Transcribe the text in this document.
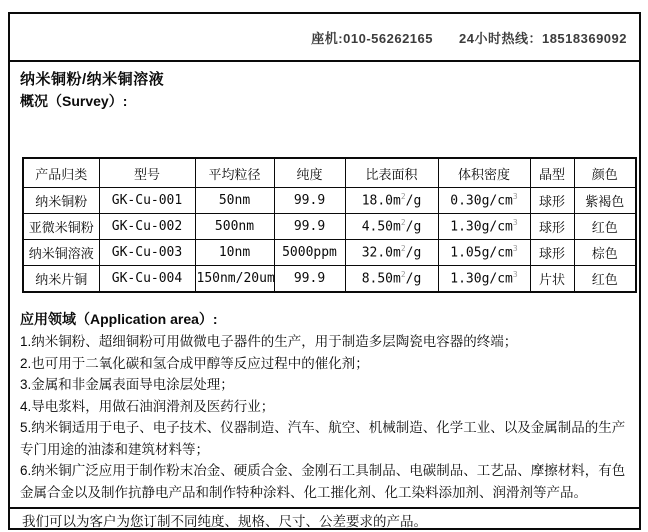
座机:010-56262165 24小时热线：18518369092
纳米铜粉/纳米铜溶液
概况（Survey）:
产品归类	型号	平均粒径	纯度	比表面积	体积密度	晶型	颜色
纳米铜粉	GK-Cu-001	50nm	99.9	$18.0m^2/g$	$0.30g/cm^3$	球形	紫褐色
亚微米铜粉	GK-Cu-002	500nm	99.9	$4.50m^2/g$	$1.30g/cm^3$	球形	红色
纳米铜溶液	GK-Cu-003	10nm	5000ppm	$32.0m^2/g$	$1.05g/cm^3$	球形	棕色
纳米片铜	GK-Cu-004	150nm/20um	99.9	$8.50m^2/g$	$1.30g/cm^3$	片状	红色
应用领域（Application area）:
1.纳米铜粉、超细铜粉可用做微电子器件的生产，用于制造多层陶瓷电容器的终端；
2.也可用于二氧化碳和氢合成甲醇等反应过程中的催化剂；
3.金属和非金属表面导电涂层处理；
4.导电浆料，用做石油润滑剂及医药行业；
5.纳米铜适用于电子、电子技术、仪器制造、汽车、航空、机械制造、化学工业、以及金属制品的生产专门用途的油漆和建筑材料等；
6.纳米铜广泛应用于制作粉末冶金、硬质合金、金刚石工具制品、电碳制品、工艺品、摩擦材料，有色金属合金以及制作抗静电产品和制作特种涂料、化工摧化剂、化工染料添加剂、润滑剂等产品。
我们可以为客户为您订制不同纯度、规格、尺寸、公差要求的产品。
